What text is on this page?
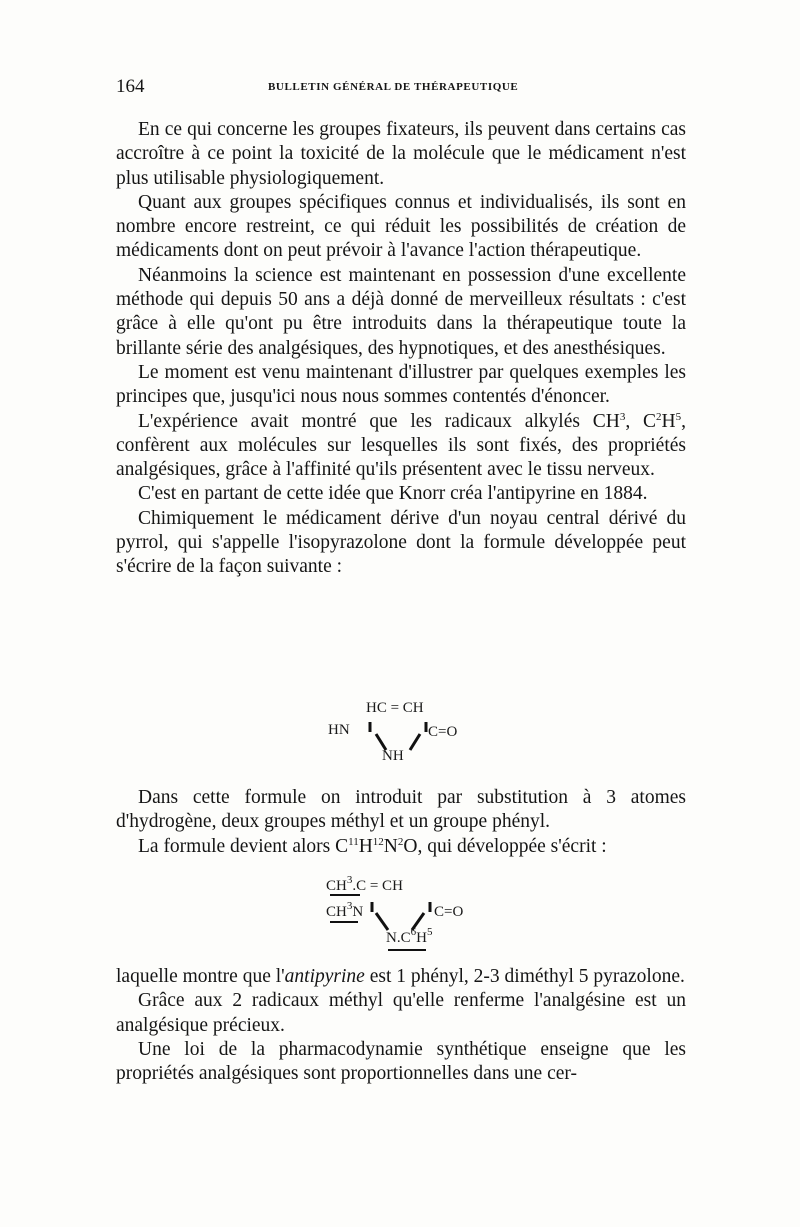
164	BULLETIN GÉNÉRAL DE THÉRAPEUTIQUE

En ce qui concerne les groupes fixateurs, ils peuvent dans certains cas accroître à ce point la toxicité de la molécule que le médicament n'est plus utilisable physiologiquement.

Quant aux groupes spécifiques connus et individualisés, ils sont en nombre encore restreint, ce qui réduit les possibilités de création de médicaments dont on peut prévoir à l'avance l'action thérapeutique.

Néanmoins la science est maintenant en possession d'une excellente méthode qui depuis 50 ans a déjà donné de merveilleux résultats : c'est grâce à elle qu'ont pu être introduits dans la thérapeutique toute la brillante série des analgésiques, des hypnotiques, et des anesthésiques.

Le moment est venu maintenant d'illustrer par quelques exemples les principes que, jusqu'ici nous nous sommes contentés d'énoncer.

L'expérience avait montré que les radicaux alkylés $CH^3$, $C^2H^5$, confèrent aux molécules sur lesquelles ils sont fixés, des propriétés analgésiques, grâce à l'affinité qu'ils présentent avec le tissu nerveux.

C'est en partant de cette idée que Knorr créa l'antipyrine en 1884.

Chimiquement le médicament dérive d'un noyau central dérivé du pyrrol, qui s'appelle l'isopyrazolone dont la formule développée peut s'écrire de la façon suivante :

HC = CH
HN	C=O
NH

Dans cette formule on introduit par substitution à 3 atomes d'hydrogène, deux groupes méthyl et un groupe phényl.

La formule devient alors $C^{11}H^{12}N^2O$, qui développée s'écrit :

$CH^3.C$ = CH
$CH^3N$	C=O
$N.C^6H^5$

laquelle montre que l'antipyrine est 1 phényl, 2-3 diméthyl 5 pyrazolone.

Grâce aux 2 radicaux méthyl qu'elle renferme l'analgésine est un analgésique précieux.

Une loi de la pharmacodynamie synthétique enseigne que les propriétés analgésiques sont proportionnelles dans une cer-
